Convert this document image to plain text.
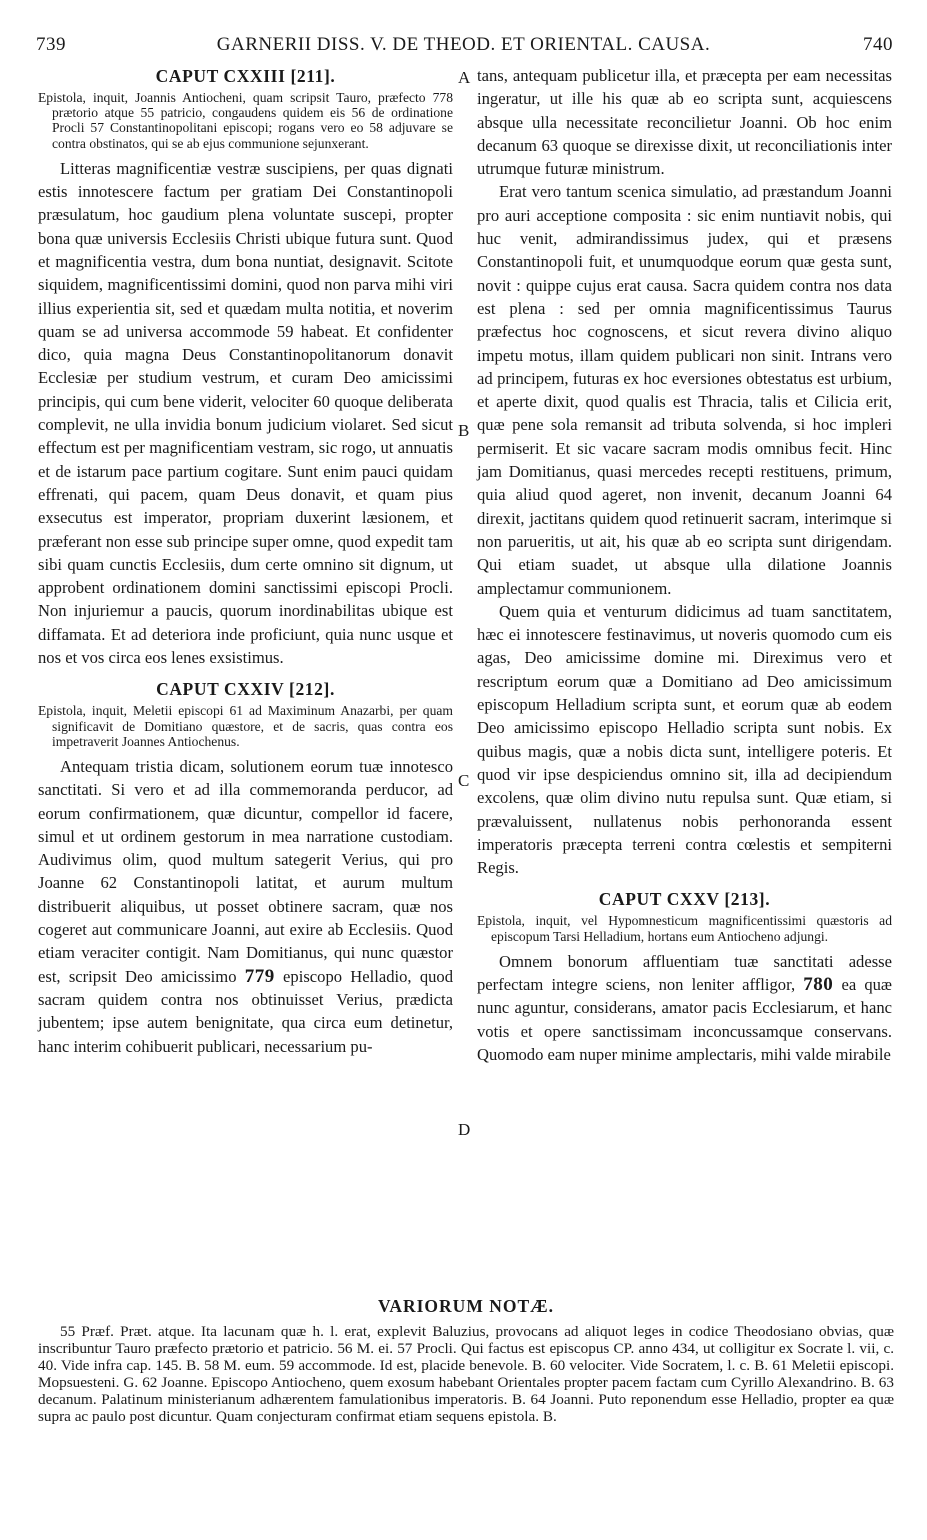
739	GARNERII DISS. V. DE THEOD. ET ORIENTAL. CAUSA.	740
A
B
C
D
CAPUT CXXIII [211].

Epistola, inquit, Joannis Antiocheni, quam scripsit Tauro, præfecto 778 prætorio atque 55 patricio, congaudens quidem eis 56 de ordinatione Procli 57 Constantinopolitani episcopi; rogans vero eo 58 adjuvare se contra obstinatos, qui se ab ejus communione sejunxerant.

Litteras magnificentiæ vestræ suscipiens, per quas dignati estis innotescere factum per gratiam Dei Constantinopoli præsulatum, hoc gaudium plena voluntate suscepi, propter bona quæ universis Ecclesiis Christi ubique futura sunt. Quod et magnificentia vestra, dum bona nuntiat, designavit. Scitote siquidem, magnificentissimi domini, quod non parva mihi viri illius experientia sit, sed et quædam multa notitia, et noverim quam se ad universa accommode 59 habeat. Et confidenter dico, quia magna Deus Constantinopolitanorum donavit Ecclesiæ per studium vestrum, et curam Deo amicissimi principis, qui cum bene viderit, velociter 60 quoque deliberata complevit, ne ulla invidia bonum judicium violaret. Sed sicut effectum est per magnificentiam vestram, sic rogo, ut annuatis et de istarum pace partium cogitare. Sunt enim pauci quidam effrenati, qui pacem, quam Deus donavit, et quam pius exsecutus est imperator, propriam duxerint læsionem, et præferant non esse sub principe super omne, quod expedit tam sibi quam cunctis Ecclesiis, dum certe omnino sit dignum, ut approbent ordinationem domini sanctissimi episcopi Procli. Non injuriemur a paucis, quorum inordinabilitas ubique est diffamata. Et ad deteriora inde proficiunt, quia nunc usque et nos et vos circa eos lenes exsistimus.

CAPUT CXXIV [212].

Epistola, inquit, Meletii episcopi 61 ad Maximinum Anazarbi, per quam significavit de Domitiano quæstore, et de sacris, quas contra eos impetraverit Joannes Antiochenus.

Antequam tristia dicam, solutionem eorum tuæ innotesco sanctitati. Si vero et ad illa commemoranda perducor, ad eorum confirmationem, quæ dicuntur, compellor id facere, simul et ut ordinem gestorum in mea narratione custodiam. Audivimus olim, quod multum sategerit Verius, qui pro Joanne 62 Constantinopoli latitat, et aurum multum distribuerit aliquibus, ut posset obtinere sacram, quæ nos cogeret aut communicare Joanni, aut exire ab Ecclesiis. Quod etiam veraciter contigit. Nam Domitianus, qui nunc quæstor est, scripsit Deo amicissimo 779 episcopo Helladio, quod sacram quidem contra nos obtinuisset Verius, prædicta jubentem; ipse autem benignitate, qua circa eum detinetur, hanc interim cohibuerit publicari, necessarium pu-

tans, antequam publicetur illa, et præcepta per eam necessitas ingeratur, ut ille his quæ ab eo scripta sunt, acquiescens absque ulla necessitate reconcilietur Joanni. Ob hoc enim decanum 63 quoque se direxisse dixit, ut reconciliationis inter utrumque futuræ ministrum.

Erat vero tantum scenica simulatio, ad præstandum Joanni pro auri acceptione composita : sic enim nuntiavit nobis, qui huc venit, admirandissimus judex, qui et præsens Constantinopoli fuit, et unumquodque eorum quæ gesta sunt, novit : quippe cujus erat causa. Sacra quidem contra nos data est plena : sed per omnia magnificentissimus Taurus præfectus hoc cognoscens, et sicut revera divino aliquo impetu motus, illam quidem publicari non sinit. Intrans vero ad principem, futuras ex hoc eversiones obtestatus est urbium, et aperte dixit, quod qualis est Thracia, talis et Cilicia erit, quæ pene sola remansit ad tributa solvenda, si hoc impleri permiserit. Et sic vacare sacram modis omnibus fecit. Hinc jam Domitianus, quasi mercedes recepti restituens, primum, quia aliud quod ageret, non invenit, decanum Joanni 64 direxit, jactitans quidem quod retinuerit sacram, interimque si non parueritis, ut ait, his quæ ab eo scripta sunt dirigendam. Qui etiam suadet, ut absque ulla dilatione Joannis amplectamur communionem.

Quem quia et venturum didicimus ad tuam sanctitatem, hæc ei innotescere festinavimus, ut noveris quomodo cum eis agas, Deo amicissime domine mi. Direximus vero et rescriptum eorum quæ a Domitiano ad Deo amicissimum episcopum Helladium scripta sunt, et eorum quæ ab eodem Deo amicissimo episcopo Helladio scripta sunt nobis. Ex quibus magis, quæ a nobis dicta sunt, intelligere poteris. Et quod vir ipse despiciendus omnino sit, illa ad decipiendum excolens, quæ olim divino nutu repulsa sunt. Quæ etiam, si prævaluissent, nullatenus nobis perhonoranda essent imperatoris præcepta terreni contra cœlestis et sempiterni Regis.

CAPUT CXXV [213].

Epistola, inquit, vel Hypomnesticum magnificentissimi quæstoris ad episcopum Tarsi Helladium, hortans eum Antiocheno adjungi.

Omnem bonorum affluentiam tuæ sanctitati adesse perfectam integre sciens, non leniter affligor, 780 ea quæ nunc aguntur, considerans, amator pacis Ecclesiarum, et hanc votis et opere sanctissimam inconcussamque conservans. Quomodo eam nuper minime amplectaris, mihi valde mirabile

VARIORUM NOTÆ.

55 Præf. Præt. atque. Ita lacunam quæ h. l. erat, explevit Baluzius, provocans ad aliquot leges in codice Theodosiano obvias, quæ inscribuntur Tauro præfecto prætorio et patricio. 56 M. ei. 57 Procli. Qui factus est episcopus CP. anno 434, ut colligitur ex Socrate l. vii, c. 40. Vide infra cap. 145. B. 58 M. eum. 59 accommode. Id est, placide benevole. B. 60 velociter. Vide Socratem, l. c. B. 61 Meletii episcopi. Mopsuesteni. G. 62 Joanne. Episcopo Antiocheno, quem exosum habebant Orientales propter pacem factam cum Cyrillo Alexandrino. B. 63 decanum. Palatinum ministerianum adhærentem famulationibus imperatoris. B. 64 Joanni. Puto reponendum esse Helladio, propter ea quæ supra ac paulo post dicuntur. Quam conjecturam confirmat etiam sequens epistola. B.
